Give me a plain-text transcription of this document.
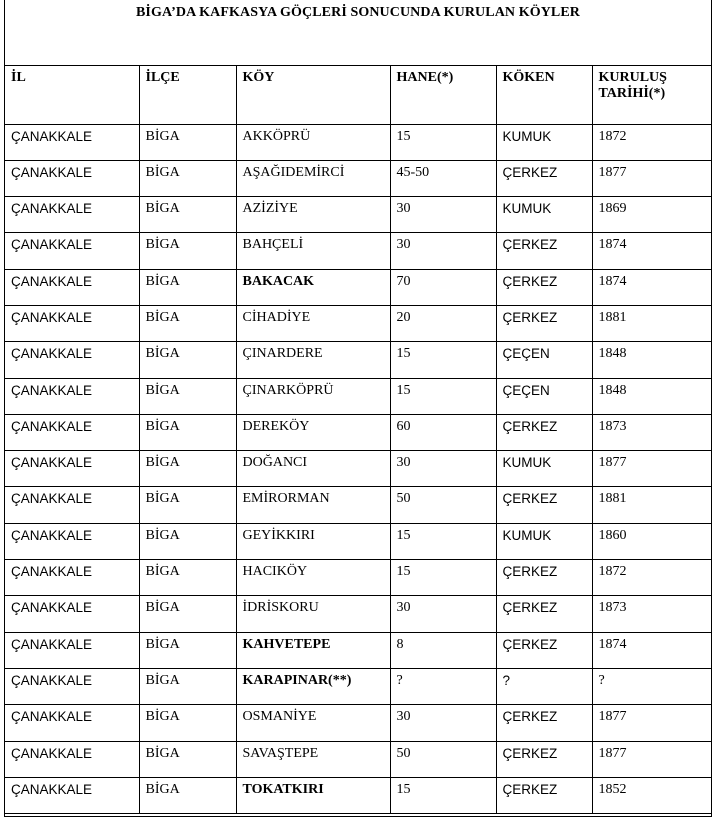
BİGA’DA KAFKASYA GÖÇLERİ SONUCUNDA KURULAN KÖYLER
İL	İLÇE	KÖY	HANE(*)	KÖKEN	KURULUŞ TARİHİ(*)
ÇANAKKALE	BİGA	AKKÖPRÜ	15	KUMUK	1872
ÇANAKKALE	BİGA	AŞAĞIDEMİRCİ	45-50	ÇERKEZ	1877
ÇANAKKALE	BİGA	AZİZİYE	30	KUMUK	1869
ÇANAKKALE	BİGA	BAHÇELİ	30	ÇERKEZ	1874
ÇANAKKALE	BİGA	BAKACAK	70	ÇERKEZ	1874
ÇANAKKALE	BİGA	CİHADİYE	20	ÇERKEZ	1881
ÇANAKKALE	BİGA	ÇINARDERE	15	ÇEÇEN	1848
ÇANAKKALE	BİGA	ÇINARKÖPRÜ	15	ÇEÇEN	1848
ÇANAKKALE	BİGA	DEREKÖY	60	ÇERKEZ	1873
ÇANAKKALE	BİGA	DOĞANCI	30	KUMUK	1877
ÇANAKKALE	BİGA	EMİRORMAN	50	ÇERKEZ	1881
ÇANAKKALE	BİGA	GEYİKKIRI	15	KUMUK	1860
ÇANAKKALE	BİGA	HACIKÖY	15	ÇERKEZ	1872
ÇANAKKALE	BİGA	İDRİSKORU	30	ÇERKEZ	1873
ÇANAKKALE	BİGA	KAHVETEPE	8	ÇERKEZ	1874
ÇANAKKALE	BİGA	KARAPINAR(**)	?	?	?
ÇANAKKALE	BİGA	OSMANİYE	30	ÇERKEZ	1877
ÇANAKKALE	BİGA	SAVAŞTEPE	50	ÇERKEZ	1877
ÇANAKKALE	BİGA	TOKATKIRI	15	ÇERKEZ	1852
